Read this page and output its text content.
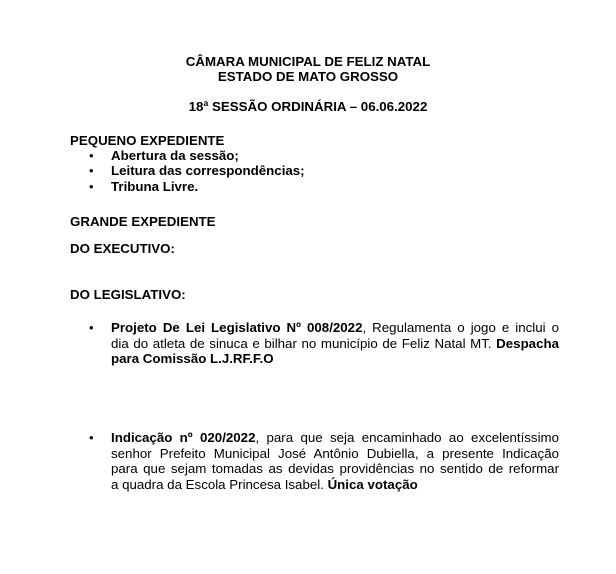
CÂMARA MUNICIPAL DE FELIZ NATAL
ESTADO DE MATO GROSSO
18ª SESSÃO ORDINÁRIA – 06.06.2022
PEQUENO EXPEDIENTE
• Abertura da sessão;
• Leitura das correspondências;
• Tribuna Livre.
GRANDE EXPEDIENTE
DO EXECUTIVO:
DO LEGISLATIVO:
• Projeto De Lei Legislativo Nº 008/2022, Regulamenta o jogo e inclui o
dia do atleta de sinuca e bilhar no município de Feliz Natal MT. Despacha
para Comissão L.J.RF.F.O
• Indicação nº 020/2022, para que seja encaminhado ao excelentíssimo
senhor Prefeito Municipal José Antônio Dubiella, a presente Indicação
para que sejam tomadas as devidas providências no sentido de reformar
a quadra da Escola Princesa Isabel. Única votação
